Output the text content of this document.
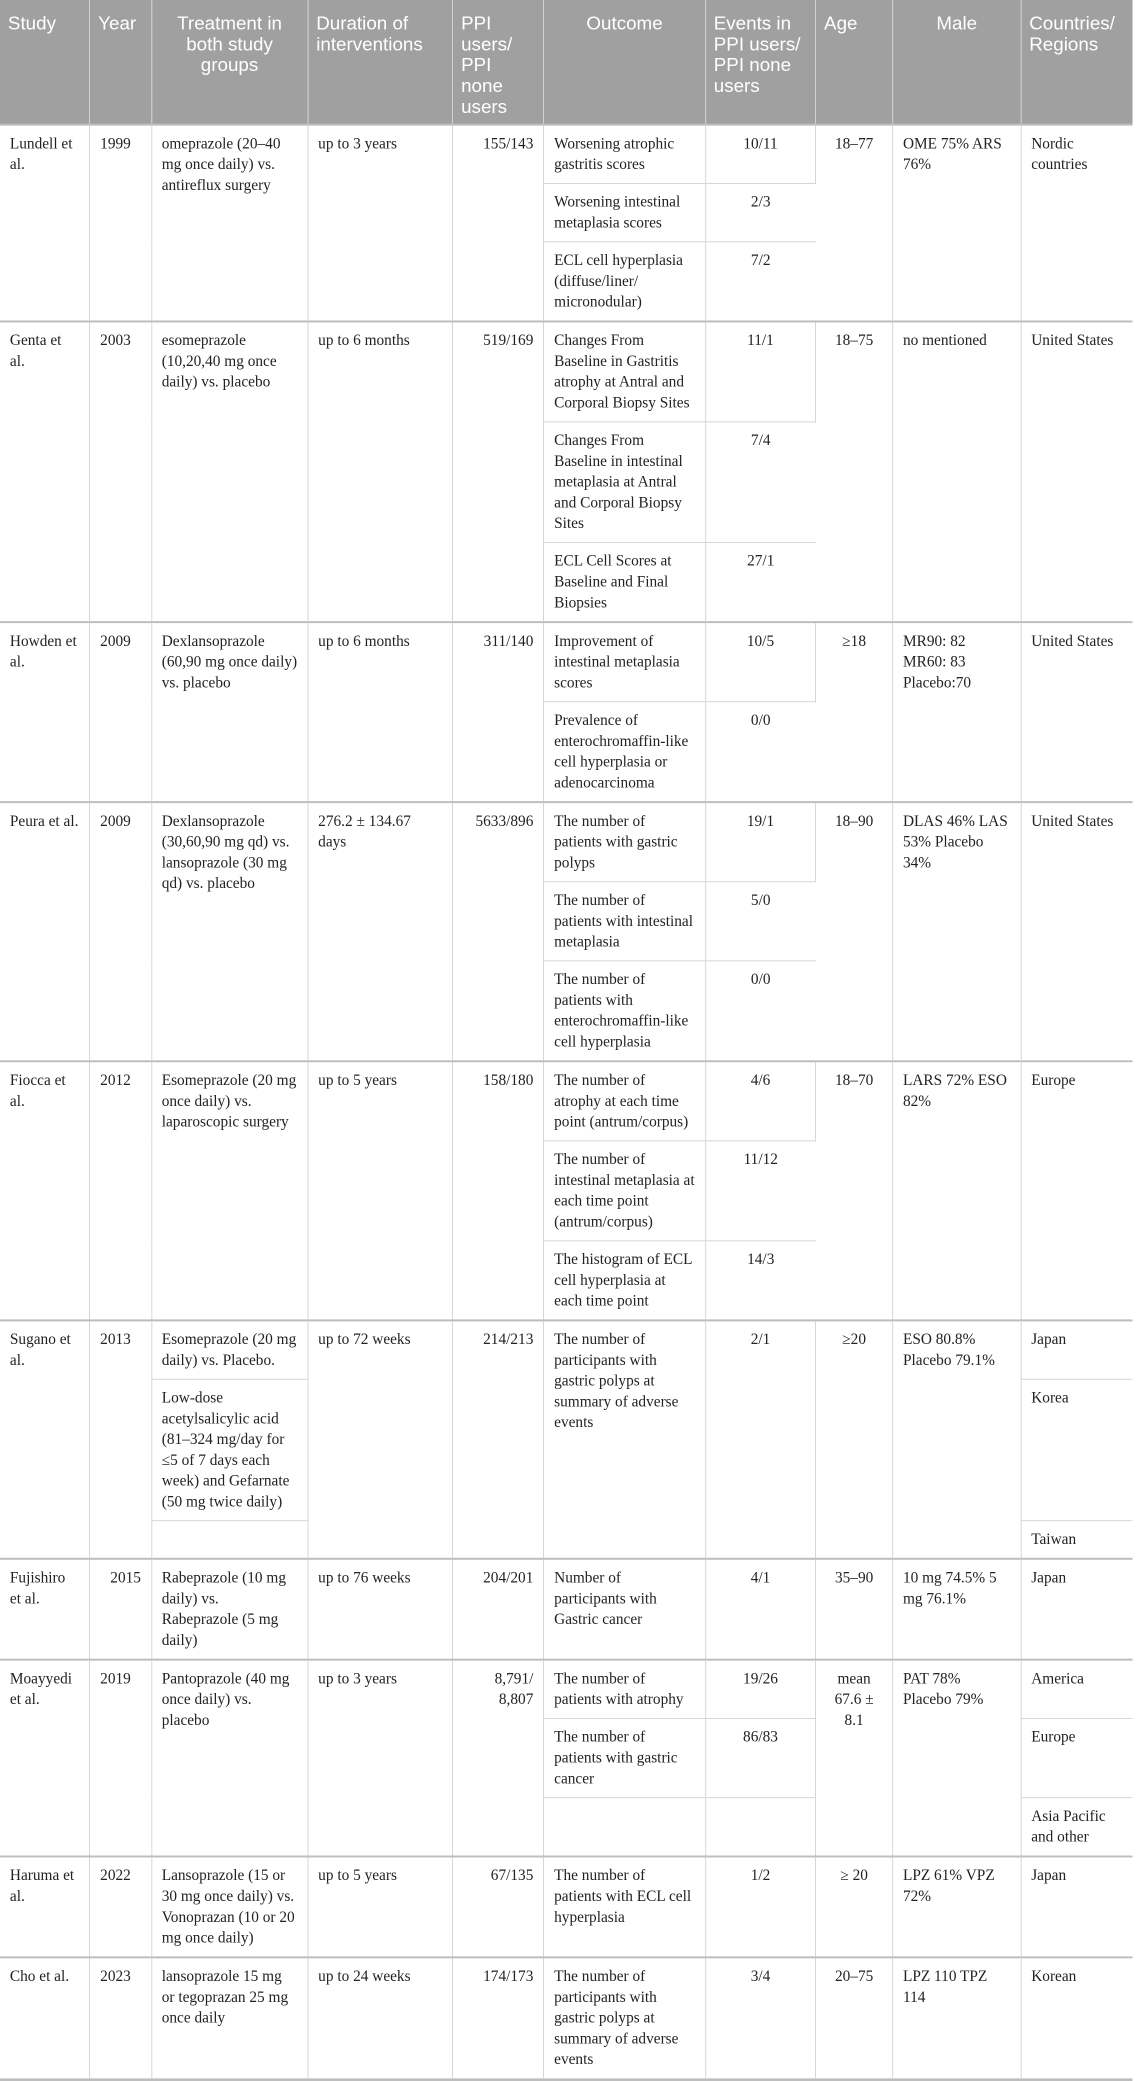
Study	Year	Treatment in both study groups	Duration of interventions	PPI users/ PPI none users	Outcome	Events in PPI users/ PPI none users	Age	Male	Countries/ Regions
Lundell et al.	1999	omeprazole (20–40 mg once daily) vs. antireflux surgery	up to 3 years	155/143	Worsening atrophic gastritis scores	10/11	18–77	OME 75% ARS 76%	Nordic countries
					Worsening intestinal metaplasia scores	2/3			
					ECL cell hyperplasia (diffuse/liner/ micronodular)	7/2			
Genta et al.	2003	esomeprazole (10,20,40 mg once daily) vs. placebo	up to 6 months	519/169	Changes From Baseline in Gastritis atrophy at Antral and Corporal Biopsy Sites	11/1	18–75	no mentioned	United States
					Changes From Baseline in intestinal metaplasia at Antral and Corporal Biopsy Sites	7/4			
					ECL Cell Scores at Baseline and Final Biopsies	27/1			
Howden et al.	2009	Dexlansoprazole (60,90 mg once daily) vs. placebo	up to 6 months	311/140	Improvement of intestinal metaplasia scores	10/5	≥18	MR90: 82 MR60: 83 Placebo:70	United States
					Prevalence of enterochromaffin-like cell hyperplasia or adenocarcinoma	0/0			
Peura et al.	2009	Dexlansoprazole (30,60,90 mg qd) vs. lansoprazole (30 mg qd) vs. placebo	276.2 ± 134.67 days	5633/896	The number of patients with gastric polyps	19/1	18–90	DLAS 46% LAS 53% Placebo 34%	United States
					The number of patients with intestinal metaplasia	5/0			
					The number of patients with enterochromaffin-like cell hyperplasia	0/0			
Fiocca et al.	2012	Esomeprazole (20 mg once daily) vs. laparoscopic surgery	up to 5 years	158/180	The number of atrophy at each time point (antrum/corpus)	4/6	18–70	LARS 72% ESO 82%	Europe
					The number of intestinal metaplasia at each time point (antrum/corpus)	11/12			
					The histogram of ECL cell hyperplasia at each time point	14/3			
Sugano et al.	2013	Esomeprazole (20 mg daily) vs. Placebo.	up to 72 weeks	214/213	The number of participants with gastric polyps at summary of adverse events	2/1	≥20	ESO 80.8% Placebo 79.1%	Japan
		Low-dose acetylsalicylic acid (81–324 mg/day for ≤5 of 7 days each week) and Gefarnate (50 mg twice daily)							Korea
									Taiwan
Fujishiro et al.	2015	Rabeprazole (10 mg daily) vs. Rabeprazole (5 mg daily)	up to 76 weeks	204/201	Number of participants with Gastric cancer	4/1	35–90	10 mg 74.5% 5 mg 76.1%	Japan
Moayyedi et al.	2019	Pantoprazole (40 mg once daily) vs. placebo	up to 3 years	8,791/ 8,807	The number of patients with atrophy	19/26	mean 67.6 ± 8.1	PAT 78% Placebo 79%	America
					The number of patients with gastric cancer	86/83			Europe
									Asia Pacific and other
Haruma et al.	2022	Lansoprazole (15 or 30 mg once daily) vs. Vonoprazan (10 or 20 mg once daily)	up to 5 years	67/135	The number of patients with ECL cell hyperplasia	1/2	≥ 20	LPZ 61% VPZ 72%	Japan
Cho et al.	2023	lansoprazole 15 mg or tegoprazan 25 mg once daily	up to 24 weeks	174/173	The number of participants with gastric polyps at summary of adverse events	3/4	20–75	LPZ 110 TPZ 114	Korean
